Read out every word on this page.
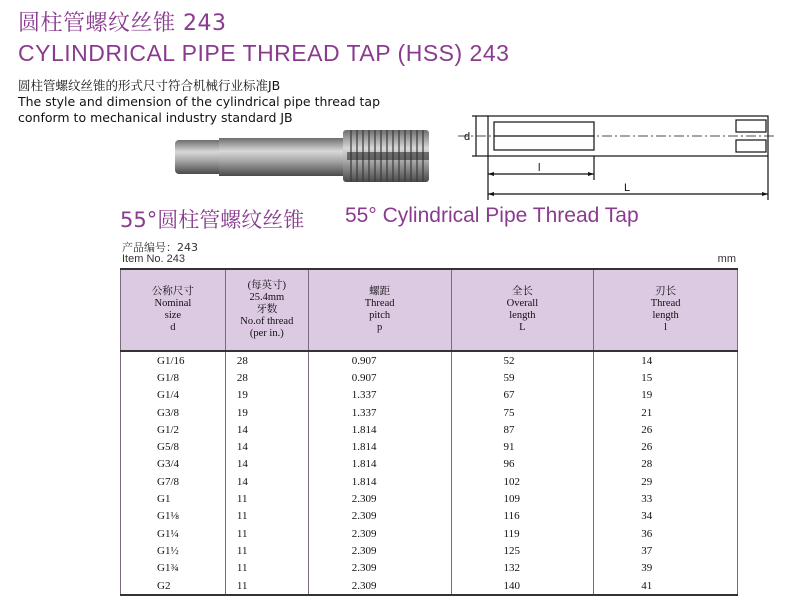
圆柱管螺纹丝锥 243
CYLINDRICAL PIPE THREAD TAP (HSS) 243
圆柱管螺纹丝锥的形式尺寸符合机械行业标准JB
The style and dimension of the cylindrical pipe thread tap
conform to mechanical industry standard JB
d
l
L
55°圆柱管螺纹丝锥 55° Cylindrical Pipe Thread Tap
产品编号：243
Item No. 243	mm
公称尺寸
Nominal
size
d	(每英寸)
25.4mm
牙数
No.of thread
(per in.)	螺距
Thread
pitch
p	全长
Overall
length
L	刃长
Thread
length
l

G1/16	28	0.907	52	14
G1/8	28	0.907	59	15
G1/4	19	1.337	67	19
G3/8	19	1.337	75	21
G1/2	14	1.814	87	26
G5/8	14	1.814	91	26
G3/4	14	1.814	96	28
G7/8	14	1.814	102	29
G1	11	2.309	109	33
G1⅛	11	2.309	116	34
G1¼	11	2.309	119	36
G1½	11	2.309	125	37
G1¾	11	2.309	132	39
G2	11	2.309	140	41
